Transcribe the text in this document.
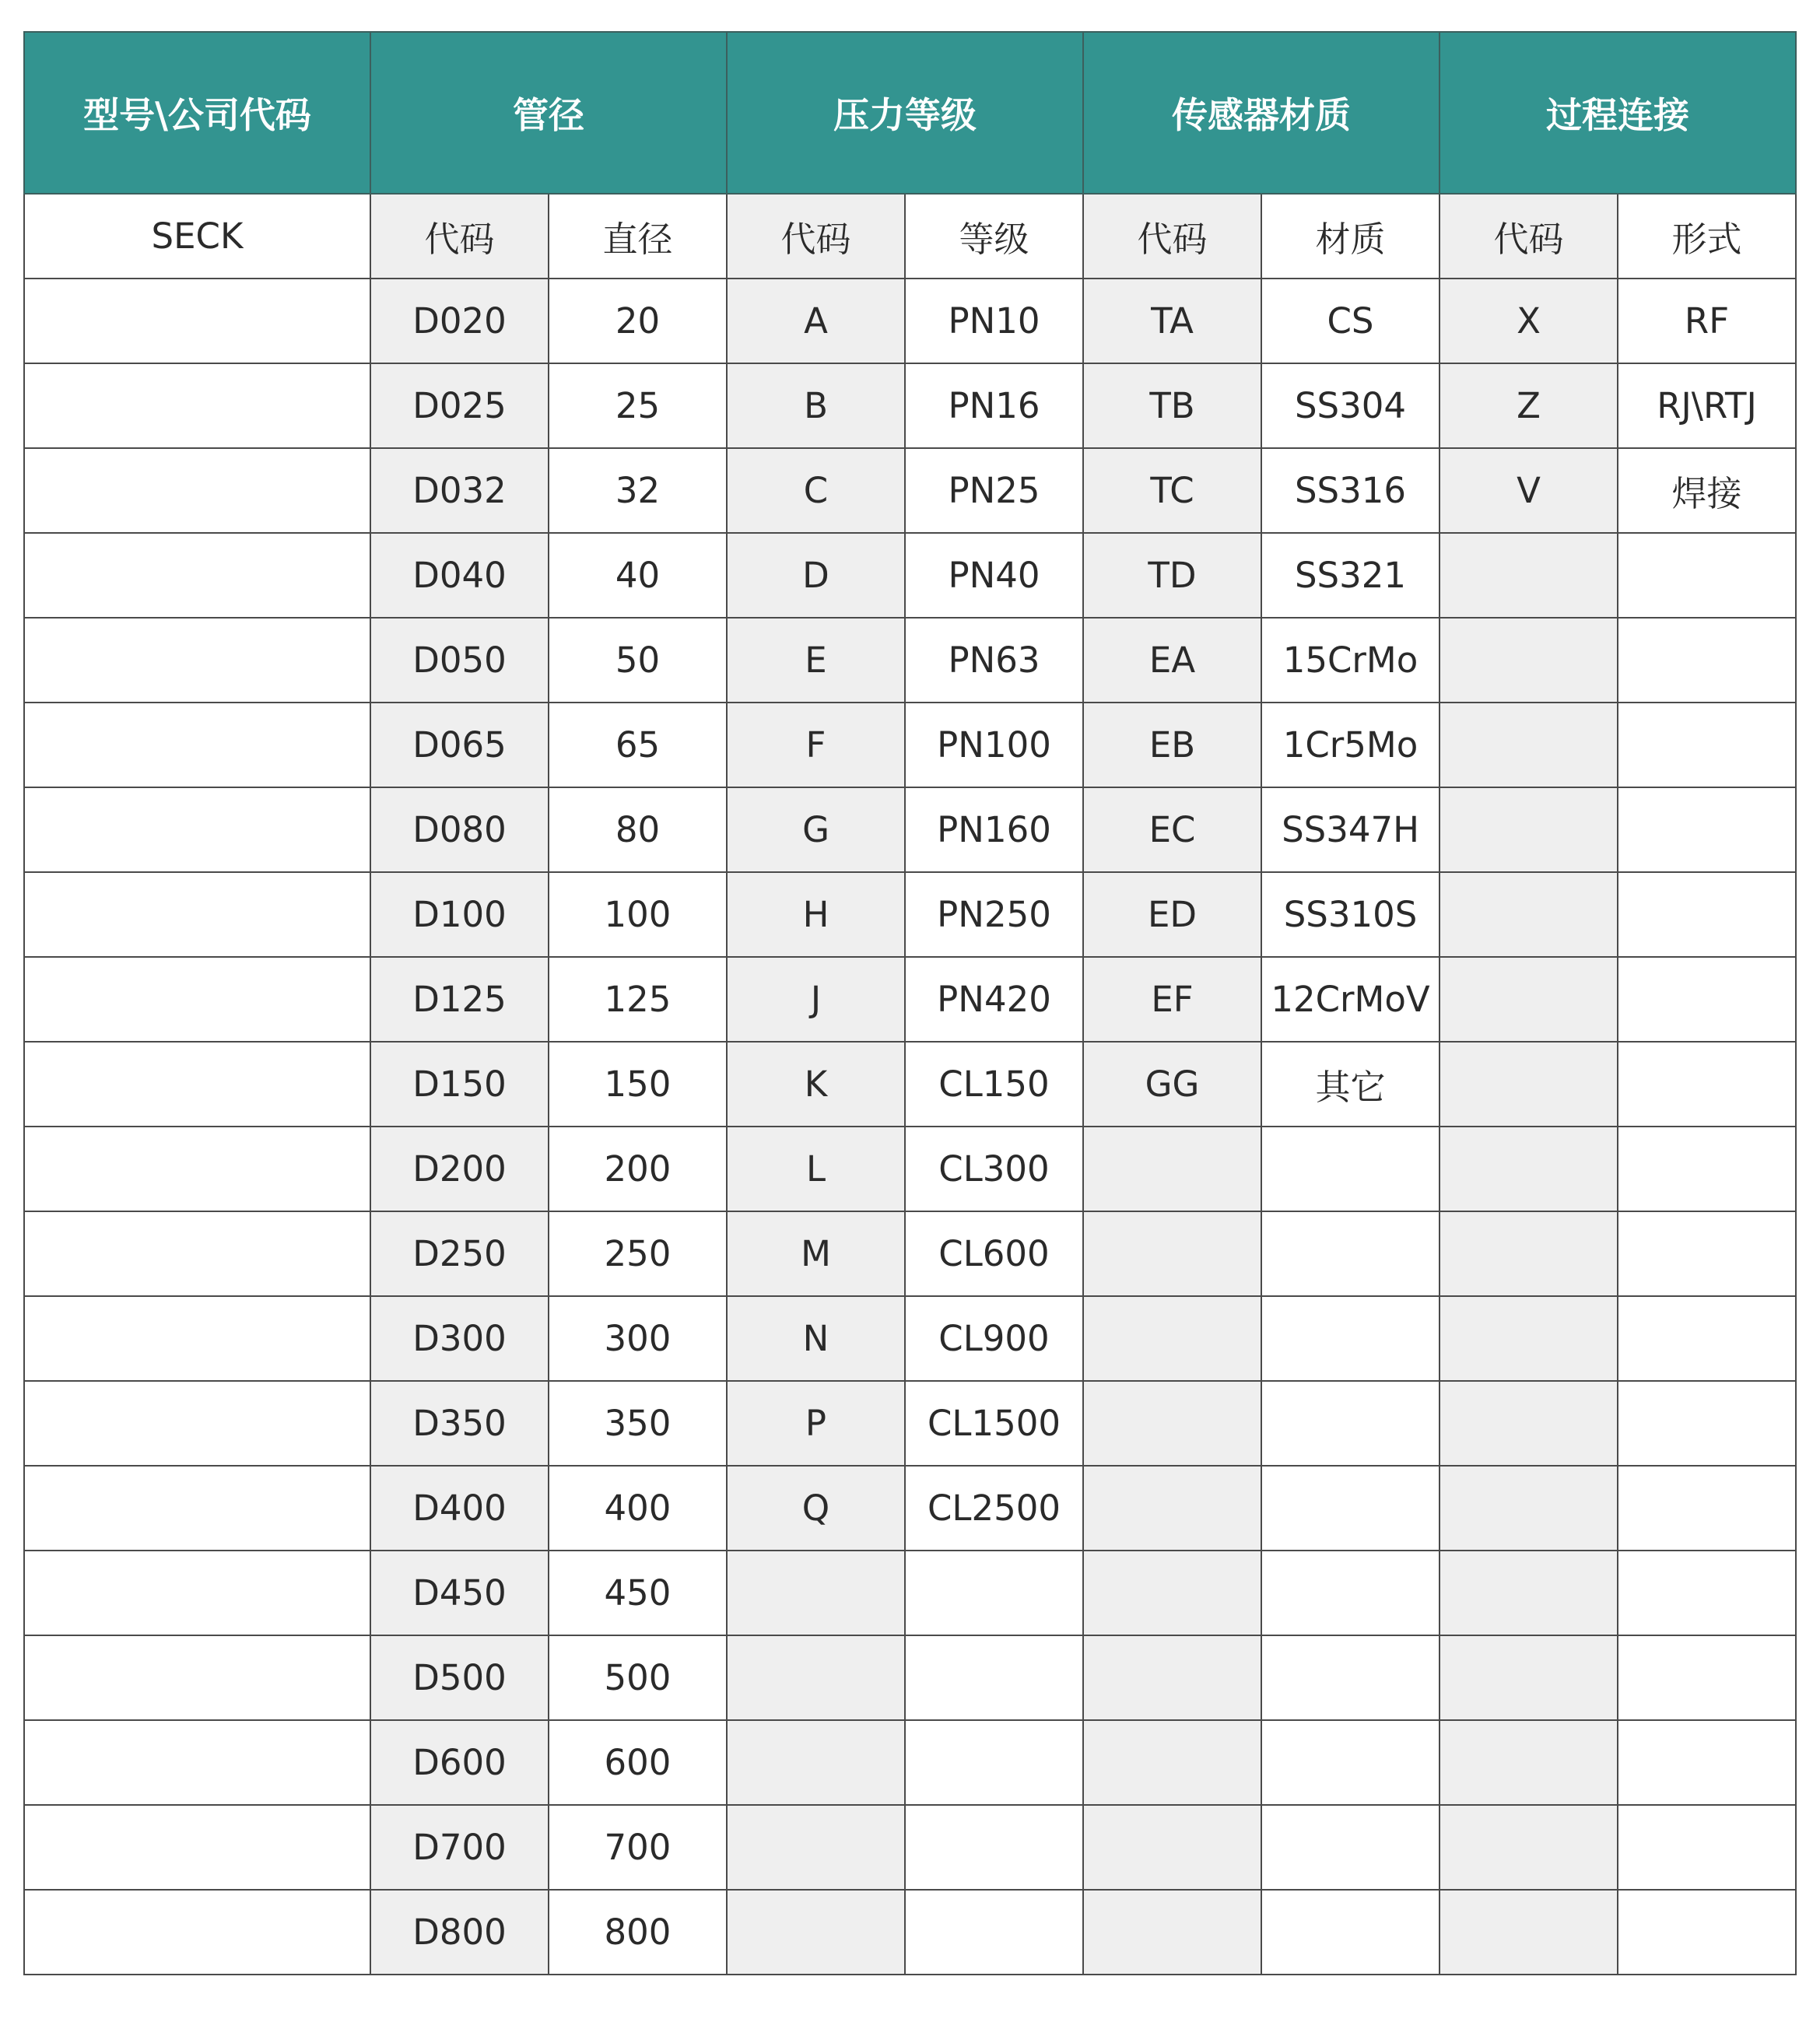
型号\公司代码	管径		压力等级		传感器材质		过程连接	
SECK	代码	直径	代码	等级	代码	材质	代码	形式
	D020	20	A	PN10	TA	CS	X	RF
	D025	25	B	PN16	TB	SS304	Z	RJ\RTJ
	D032	32	C	PN25	TC	SS316	V	焊接
	D040	40	D	PN40	TD	SS321		
	D050	50	E	PN63	EA	15CrMo		
	D065	65	F	PN100	EB	1Cr5Mo		
	D080	80	G	PN160	EC	SS347H		
	D100	100	H	PN250	ED	SS310S		
	D125	125	J	PN420	EF	12CrMoV		
	D150	150	K	CL150	GG	其它		
	D200	200	L	CL300				
	D250	250	M	CL600				
	D300	300	N	CL900				
	D350	350	P	CL1500				
	D400	400	Q	CL2500				
	D450	450						
	D500	500						
	D600	600						
	D700	700						
	D800	800						
